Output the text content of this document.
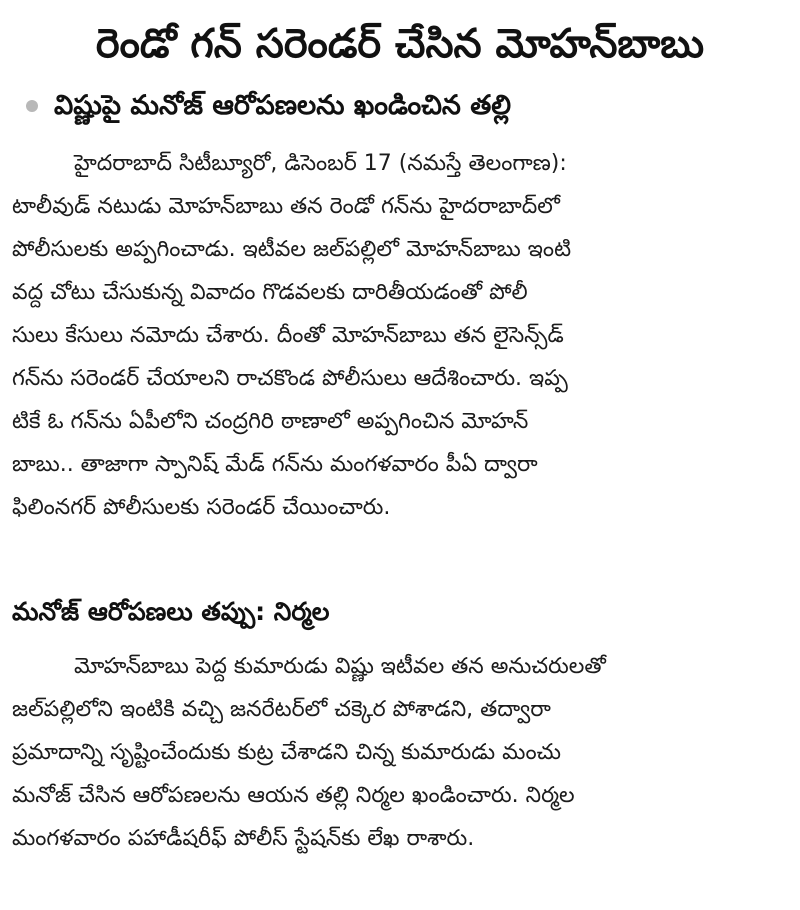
రెండో గన్ సరెండర్ చేసిన మోహన్‌బాబు
విష్ణుపై మనోజ్ ఆరోపణలను ఖండించిన తల్లి
హైదరాబాద్ సిటీబ్యూరో, డిసెంబర్ 17 (నమస్తే తెలంగాణ):
టాలీవుడ్ నటుడు మోహన్‌బాబు తన రెండో గన్‌ను హైదరాబాద్‌లో
పోలీసులకు అప్పగించాడు. ఇటీవల జల్‌పల్లిలో మోహన్‌బాబు ఇంటి
వద్ద చోటు చేసుకున్న వివాదం గొడవలకు దారితీయడంతో పోలీ
సులు కేసులు నమోదు చేశారు. దీంతో మోహన్‌బాబు తన లైసెన్స్‌డ్
గన్‌ను సరెండర్ చేయాలని రాచకొండ పోలీసులు ఆదేశించారు. ఇప్ప
టికే ఓ గన్‌ను ఏపీలోని చంద్రగిరి ఠాణాలో అప్పగించిన మోహన్
బాబు.. తాజాగా స్పానిష్ మేడ్ గన్‌ను మంగళవారం పీఏ ద్వారా
ఫిలింనగర్ పోలీసులకు సరెండర్ చేయించారు.
మనోజ్ ఆరోపణలు తప్పు: నిర్మల
మోహన్‌బాబు పెద్ద కుమారుడు విష్ణు ఇటీవల తన అనుచరులతో
జల్‌పల్లిలోని ఇంటికి వచ్చి జనరేటర్‌లో చక్కెర పోశాడని, తద్వారా
ప్రమాదాన్ని సృష్టించేందుకు కుట్ర చేశాడని చిన్న కుమారుడు మంచు
మనోజ్ చేసిన ఆరోపణలను ఆయన తల్లి నిర్మల ఖండించారు. నిర్మల
మంగళవారం పహాడీషరీఫ్ పోలీస్ స్టేషన్‌కు లేఖ రాశారు.
